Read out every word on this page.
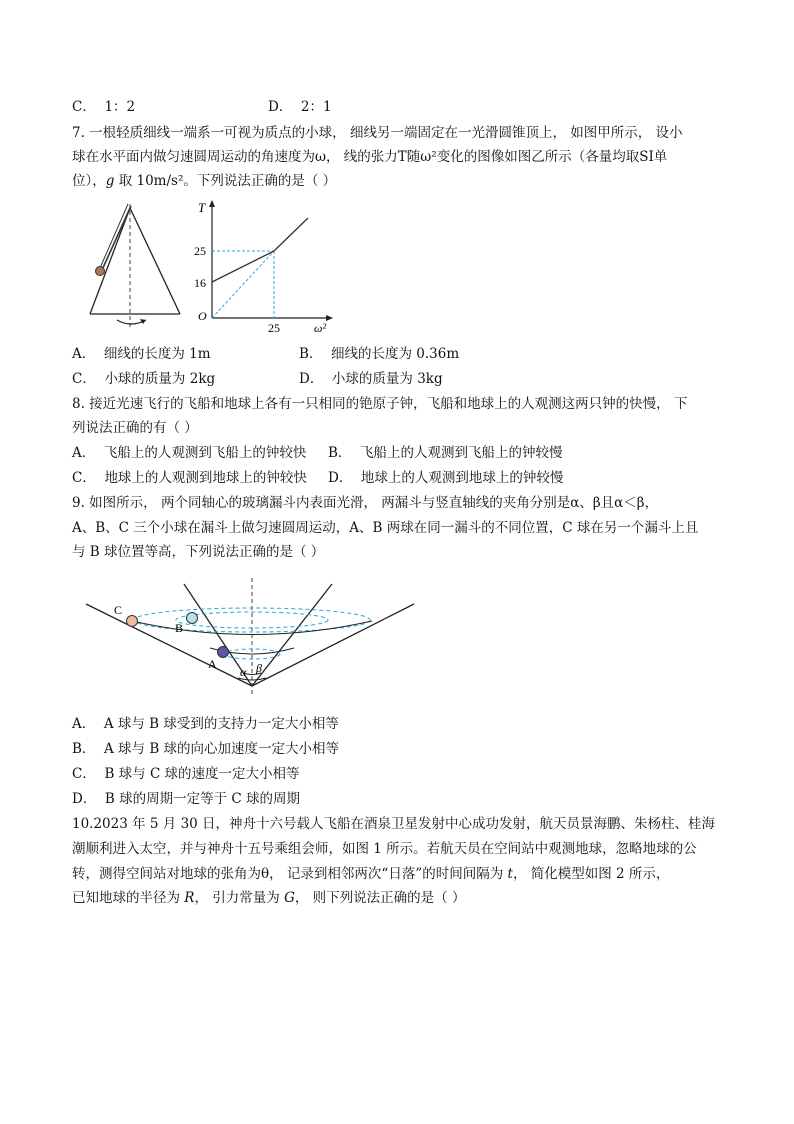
C． 1：2	D． 2：1
7. 一根轻质细线一端系一可视为质点的小球， 细线另一端固定在一光滑圆锥顶上， 如图甲所示， 设小
球在水平面内做匀速圆周运动的角速度为ω， 线的张力T随ω²变化的图像如图乙所示（各量均取SI单
位），g 取 10m/s²。下列说法正确的是（ ）
T
ω²
O
25
16
25
A． 细线的长度为 1m	B． 细线的长度为 0.36m
C． 小球的质量为 2kg	D． 小球的质量为 3kg
8. 接近光速飞行的飞船和地球上各有一只相同的铯原子钟，飞船和地球上的人观测这两只钟的快慢， 下
列说法正确的有（ ）
A． 飞船上的人观测到飞船上的钟较快 B． 飞船上的人观测到飞船上的钟较慢
C． 地球上的人观测到地球上的钟较快 D． 地球上的人观测到地球上的钟较慢
9. 如图所示， 两个同轴心的玻璃漏斗内表面光滑， 两漏斗与竖直轴线的夹角分别是α、β且α＜β，
A、B、C 三个小球在漏斗上做匀速圆周运动，A、B 两球在同一漏斗的不同位置，C 球在另一个漏斗上且
与 B 球位置等高，下列说法正确的是（ ）
C
B
A
α β
A． A 球与 B 球受到的支持力一定大小相等
B． A 球与 B 球的向心加速度一定大小相等
C． B 球与 C 球的速度一定大小相等
D． B 球的周期一定等于 C 球的周期
10.2023 年 5 月 30 日，神舟十六号载人飞船在酒泉卫星发射中心成功发射，航天员景海鹏、朱杨柱、桂海
潮顺利进入太空，并与神舟十五号乘组会师，如图 1 所示。若航天员在空间站中观测地球，忽略地球的公
转，测得空间站对地球的张角为θ， 记录到相邻两次“日落”的时间间隔为 t， 简化模型如图 2 所示，
已知地球的半径为 R， 引力常量为 G， 则下列说法正确的是（ ）
